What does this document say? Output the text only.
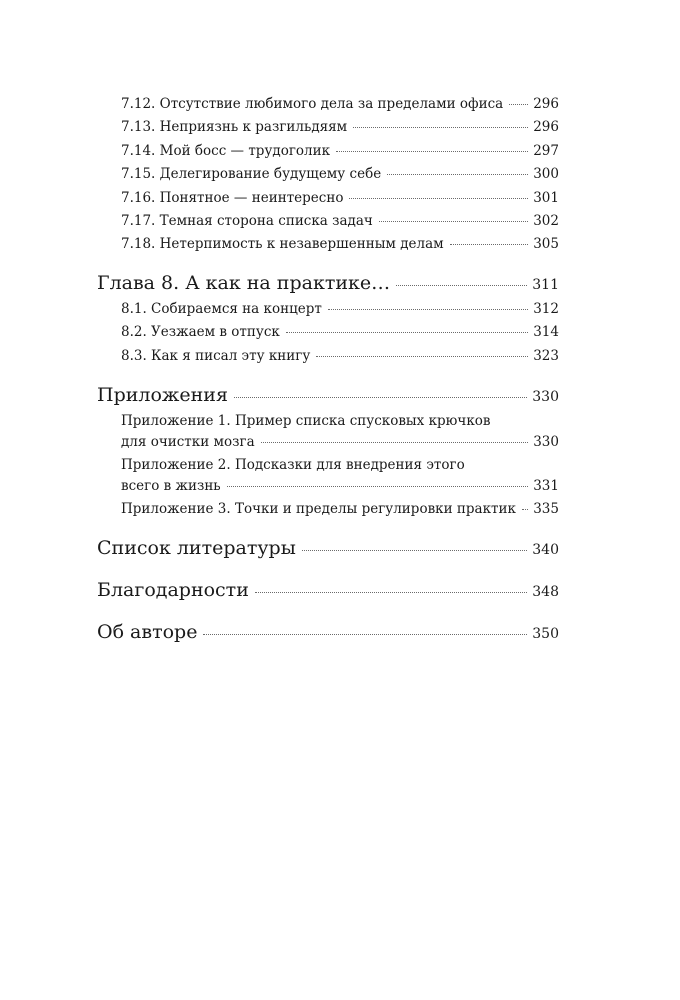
7.12. Отсутствие любимого дела за пределами офиса 296
7.13. Неприязнь к разгильдяям	296
7.14. Мой босс — трудоголик	297
7.15. Делегирование будущему себе	300
7.16. Понятное — неинтересно	301
7.17. Темная сторона списка задач	302
7.18. Нетерпимость к незавершенным делам	305
Глава 8. А как на практике…	311
8.1. Собираемся на концерт	312
8.2. Уезжаем в отпуск	314
8.3. Как я писал эту книгу	323
Приложения	330
Приложение 1. Пример списка спусковых крючков
для очистки мозга	330
Приложение 2. Подсказки для внедрения этого
всего в жизнь	331
Приложение 3. Точки и пределы регулировки практик 335
Список литературы	340
Благодарности	348
Об авторе	350
